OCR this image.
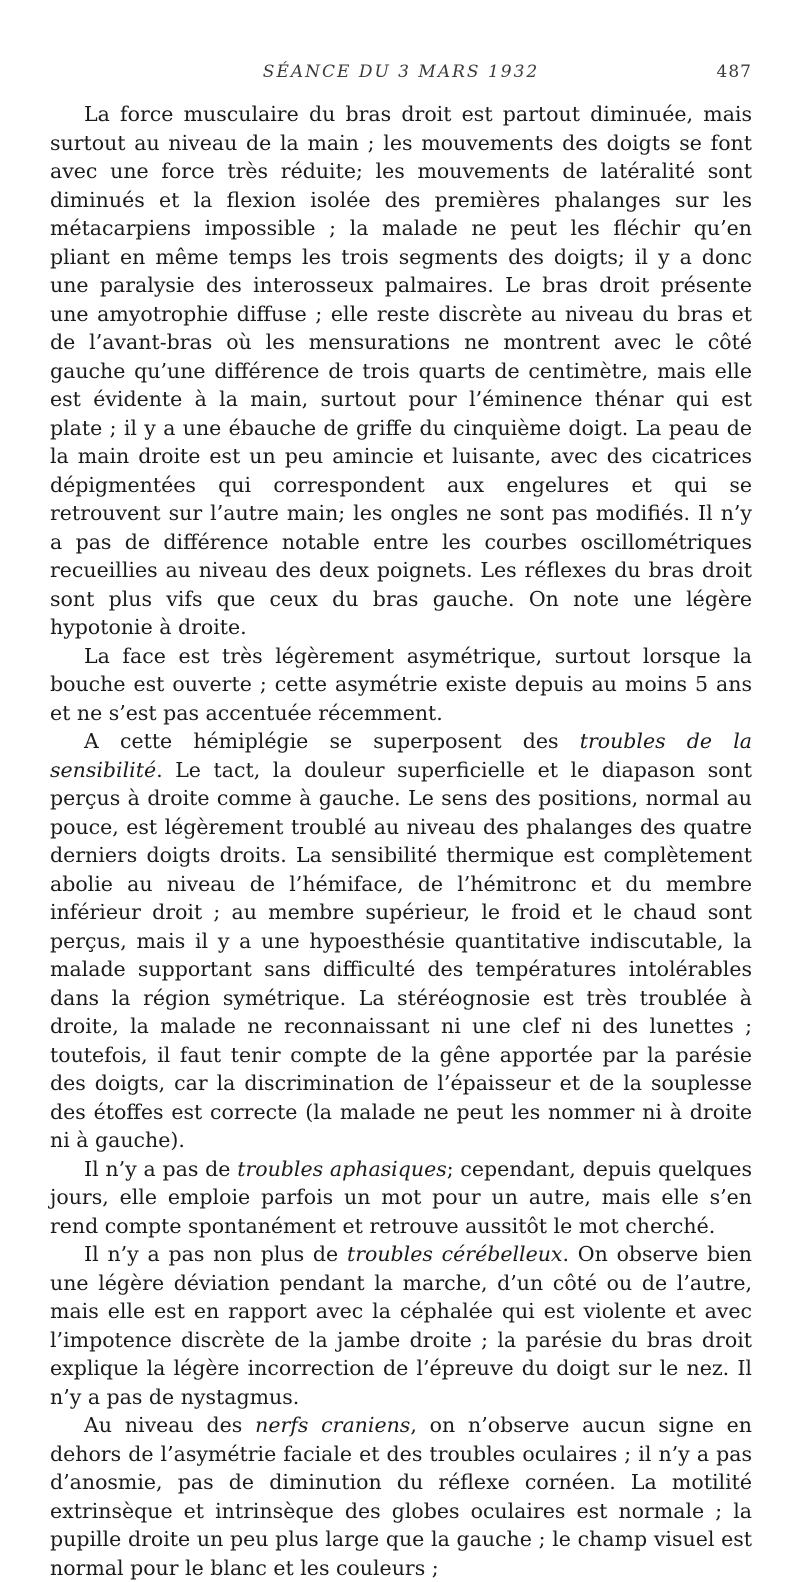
SÉANCE DU 3 MARS 1932	487

La force musculaire du bras droit est partout diminuée, mais surtout au niveau de la main ; les mouvements des doigts se font avec une force très réduite; les mouvements de latéralité sont diminués et la flexion isolée des premières phalanges sur les métacarpiens impossible ; la malade ne peut les fléchir qu’en pliant en même temps les trois segments des doigts; il y a donc une paralysie des interosseux palmaires. Le bras droit présente une amyotrophie diffuse ; elle reste discrète au niveau du bras et de l’avant-bras où les mensurations ne montrent avec le côté gauche qu’une différence de trois quarts de centimètre, mais elle est évidente à la main, surtout pour l’éminence thénar qui est plate ; il y a une ébauche de griffe du cinquième doigt. La peau de la main droite est un peu amincie et luisante, avec des cicatrices dépigmentées qui correspondent aux engelures et qui se retrouvent sur l’autre main; les ongles ne sont pas modifiés. Il n’y a pas de différence notable entre les courbes oscillométriques recueillies au niveau des deux poignets. Les réflexes du bras droit sont plus vifs que ceux du bras gauche. On note une légère hypotonie à droite.

La face est très légèrement asymétrique, surtout lorsque la bouche est ouverte ; cette asymétrie existe depuis au moins 5 ans et ne s’est pas accentuée récemment.

A cette hémiplégie se superposent des troubles de la sensibilité. Le tact, la douleur superficielle et le diapason sont perçus à droite comme à gauche. Le sens des positions, normal au pouce, est légèrement troublé au niveau des phalanges des quatre derniers doigts droits. La sensibilité thermique est complètement abolie au niveau de l’hémiface, de l’hémitronc et du membre inférieur droit ; au membre supérieur, le froid et le chaud sont perçus, mais il y a une hypoesthésie quantitative indiscutable, la malade supportant sans difficulté des températures intolérables dans la région symétrique. La stéréognosie est très troublée à droite, la malade ne reconnaissant ni une clef ni des lunettes ; toutefois, il faut tenir compte de la gêne apportée par la parésie des doigts, car la discrimination de l’épaisseur et de la souplesse des étoffes est correcte (la malade ne peut les nommer ni à droite ni à gauche).

Il n’y a pas de troubles aphasiques; cependant, depuis quelques jours, elle emploie parfois un mot pour un autre, mais elle s’en rend compte spontanément et retrouve aussitôt le mot cherché.

Il n’y a pas non plus de troubles cérébelleux. On observe bien une légère déviation pendant la marche, d’un côté ou de l’autre, mais elle est en rapport avec la céphalée qui est violente et avec l’impotence discrète de la jambe droite ; la parésie du bras droit explique la légère incorrection de l’épreuve du doigt sur le nez. Il n’y a pas de nystagmus.

Au niveau des nerfs craniens, on n’observe aucun signe en dehors de l’asymétrie faciale et des troubles oculaires ; il n’y a pas d’anosmie, pas de diminution du réflexe cornéen. La motilité extrinsèque et intrinsèque des globes oculaires est normale ; la pupille droite un peu plus large que la gauche ; le champ visuel est normal pour le blanc et les couleurs ;
